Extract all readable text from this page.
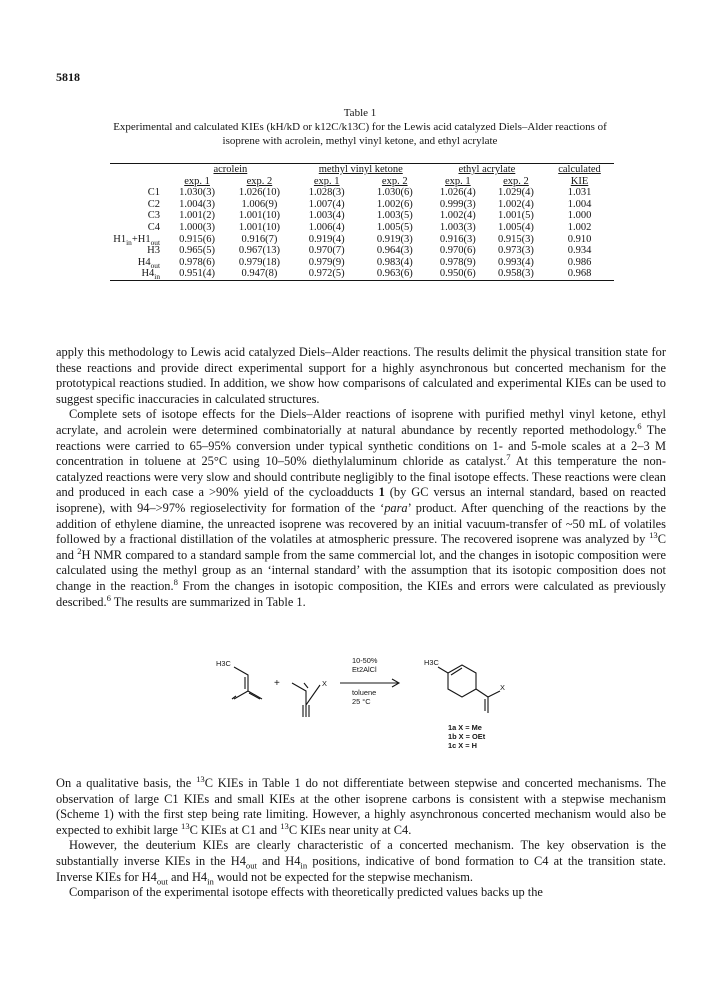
5818
Table 1
Experimental and calculated KIEs (kH/kD or k12C/k13C) for the Lewis acid catalyzed Diels–Alder reactions of isoprene with acrolein, methyl vinyl ketone, and ethyl acrylate
	acrolein		methyl vinyl ketone		ethyl acrylate		calculated
	exp. 1	exp. 2	exp. 1	exp. 2	exp. 1	exp. 2	KIE
C1	1.030(3)	1.026(10)	1.028(3)	1.030(6)	1.026(4)	1.029(4)	1.031
C2	1.004(3)	1.006(9)	1.007(4)	1.002(6)	0.999(3)	1.002(4)	1.004
C3	1.001(2)	1.001(10)	1.003(4)	1.003(5)	1.002(4)	1.001(5)	1.000
C4	1.000(3)	1.001(10)	1.006(4)	1.005(5)	1.003(3)	1.005(4)	1.002
$H1_{in}+H1_{out}$	0.915(6)	0.916(7)	0.919(4)	0.919(3)	0.916(3)	0.915(3)	0.910
H3	0.965(5)	0.967(13)	0.970(7)	0.964(3)	0.970(6)	0.973(3)	0.934
$H4_{out}$	0.978(6)	0.979(18)	0.979(9)	0.983(4)	0.978(9)	0.993(4)	0.986
$H4_{in}$	0.951(4)	0.947(8)	0.972(5)	0.963(6)	0.950(6)	0.958(3)	0.968

apply this methodology to Lewis acid catalyzed Diels–Alder reactions. The results delimit the physical transition state for these reactions and provide direct experimental support for a highly asynchronous but concerted mechanism for the prototypical reactions studied. In addition, we show how comparisons of calculated and experimental KIEs can be used to suggest specific inaccuracies in calculated structures.

Complete sets of isotope effects for the Diels–Alder reactions of isoprene with purified methyl vinyl ketone, ethyl acrylate, and acrolein were determined combinatorially at natural abundance by recently reported methodology.$^6$ The reactions were carried to 65–95% conversion under typical synthetic conditions on 1- and 5-mole scales at a 2–3 M concentration in toluene at 25°C using 10–50% diethylaluminum chloride as catalyst.$^7$ At this temperature the non-catalyzed reactions were very slow and should contribute negligibly to the final isotope effects. These reactions were clean and produced in each case a >90% yield of the cycloadducts 1 (by GC versus an internal standard, based on reacted isoprene), with 94–>97% regioselectivity for formation of the ‘para’ product. After quenching of the reactions by the addition of ethylene diamine, the unreacted isoprene was recovered by an initial vacuum-transfer of ~50 mL of volatiles followed by a fractional distillation of the volatiles at atmospheric pressure. The recovered isoprene was analyzed by $^{13}$C and $^2$H NMR compared to a standard sample from the same commercial lot, and the changes in isotopic composition were calculated using the methyl group as an ‘internal standard’ with the assumption that its isotopic composition does not change in the reaction.$^8$ From the changes in isotopic composition, the KIEs and errors were calculated as previously described.$^6$ The results are summarized in Table 1.

H3C
+	X
10-50%
Et2AlCl
toluene
25 °C
H3C
X
1a X = Me
1b X = OEt
1c X = H

On a qualitative basis, the $^{13}$C KIEs in Table 1 do not differentiate between stepwise and concerted mechanisms. The observation of large C1 KIEs and small KIEs at the other isoprene carbons is consistent with a stepwise mechanism (Scheme 1) with the first step being rate limiting. However, a highly asynchronous concerted mechanism would also be expected to exhibit large $^{13}$C KIEs at C1 and $^{13}$C KIEs near unity at C4.

However, the deuterium KIEs are clearly characteristic of a concerted mechanism. The key observation is the substantially inverse KIEs in the $H4_{out}$ and $H4_{in}$ positions, indicative of bond formation to C4 at the transition state. Inverse KIEs for $H4_{out}$ and $H4_{in}$ would not be expected for the stepwise mechanism.

Comparison of the experimental isotope effects with theoretically predicted values backs up the
